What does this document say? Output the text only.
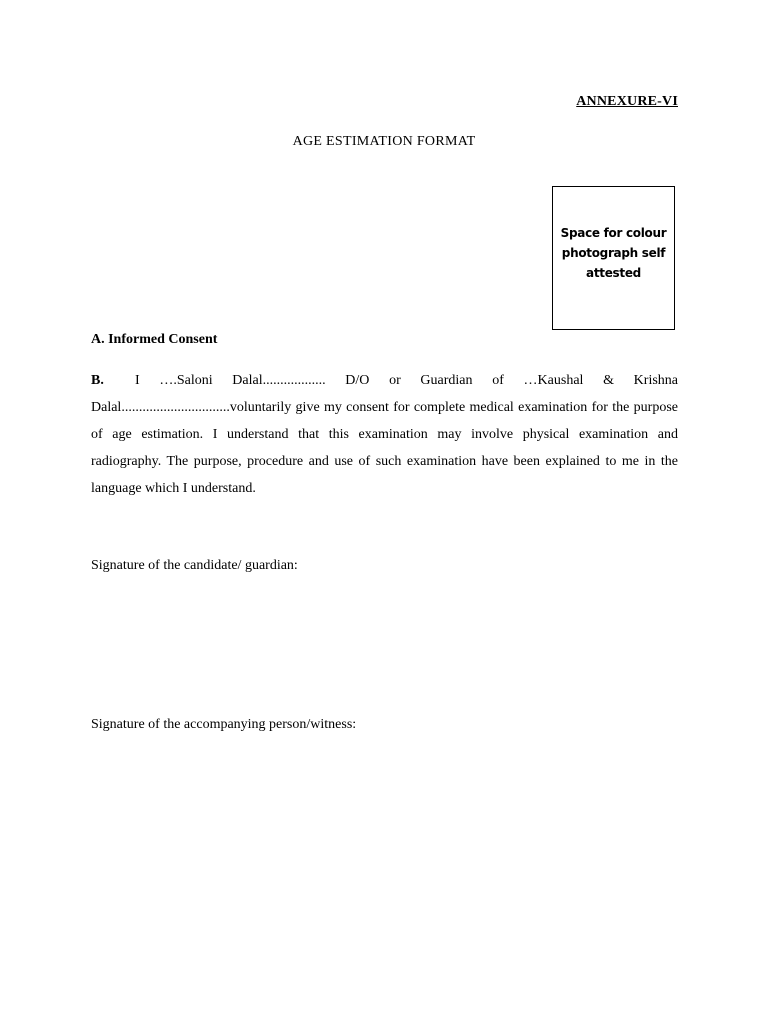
ANNEXURE-VI
AGE ESTIMATION FORMAT
Space for colour photograph self attested
A. Informed Consent
B. I ….Saloni Dalal.................. D/O or Guardian of …Kaushal & Krishna Dalal...............................voluntarily give my consent for complete medical examination for the purpose of age estimation. I understand that this examination may involve physical examination and radiography. The purpose, procedure and use of such examination have been explained to me in the language which I understand.
Signature of the candidate/ guardian:
Signature of the accompanying person/witness:
